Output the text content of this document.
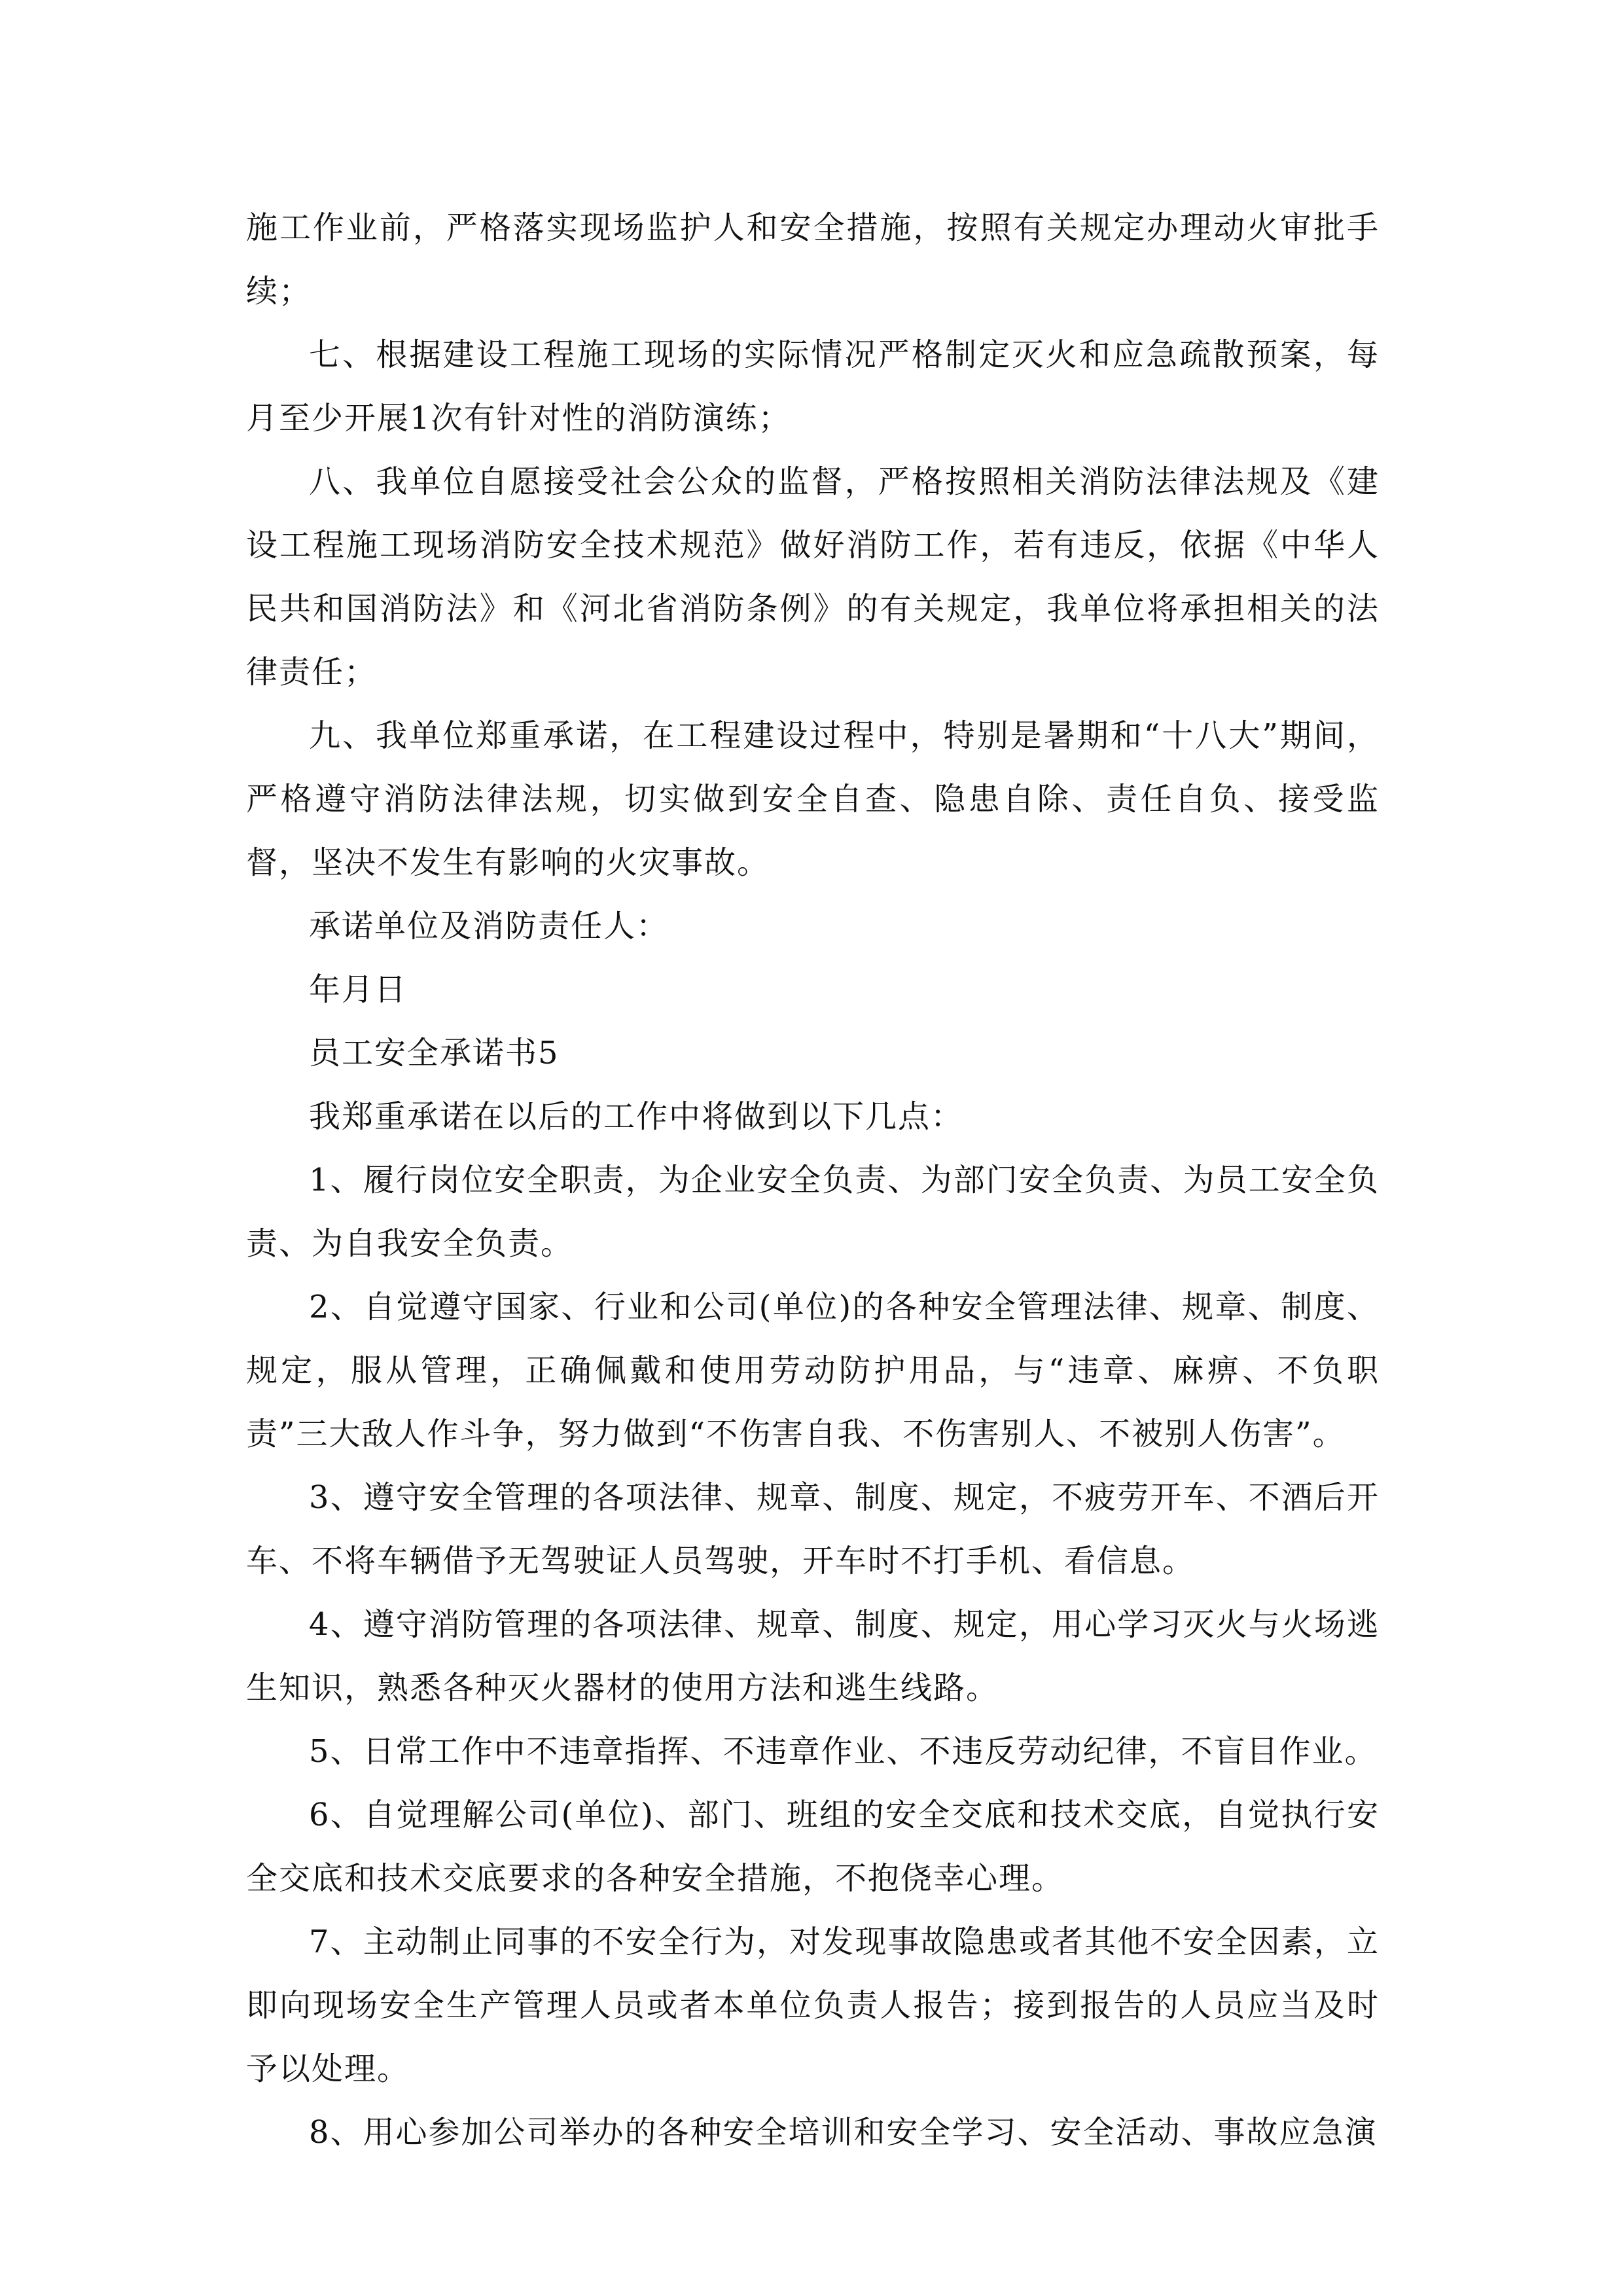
施工作业前，严格落实现场监护人和安全措施，按照有关规定办理动火审批手续；

七、根据建设工程施工现场的实际情况严格制定灭火和应急疏散预案，每月至少开展1次有针对性的消防演练；

八、我单位自愿接受社会公众的监督，严格按照相关消防法律法规及《建设工程施工现场消防安全技术规范》做好消防工作，若有违反，依据《中华人民共和国消防法》和《河北省消防条例》的有关规定，我单位将承担相关的法律责任；

九、我单位郑重承诺，在工程建设过程中，特别是暑期和“十八大”期间，严格遵守消防法律法规，切实做到安全自查、隐患自除、责任自负、接受监督，坚决不发生有影响的火灾事故。

承诺单位及消防责任人：

年月日

员工安全承诺书5

我郑重承诺在以后的工作中将做到以下几点：

1、履行岗位安全职责，为企业安全负责、为部门安全负责、为员工安全负责、为自我安全负责。

2、自觉遵守国家、行业和公司(单位)的各种安全管理法律、规章、制度、规定，服从管理，正确佩戴和使用劳动防护用品，与“违章、麻痹、不负职责”三大敌人作斗争，努力做到“不伤害自我、不伤害别人、不被别人伤害”。

3、遵守安全管理的各项法律、规章、制度、规定，不疲劳开车、不酒后开车、不将车辆借予无驾驶证人员驾驶，开车时不打手机、看信息。

4、遵守消防管理的各项法律、规章、制度、规定，用心学习灭火与火场逃生知识，熟悉各种灭火器材的使用方法和逃生线路。

5、日常工作中不违章指挥、不违章作业、不违反劳动纪律，不盲目作业。

6、自觉理解公司(单位)、部门、班组的安全交底和技术交底，自觉执行安全交底和技术交底要求的各种安全措施，不抱侥幸心理。

7、主动制止同事的不安全行为，对发现事故隐患或者其他不安全因素，立即向现场安全生产管理人员或者本单位负责人报告；接到报告的人员应当及时予以处理。

8、用心参加公司举办的各种安全培训和安全学习、安全活动、事故应急演
